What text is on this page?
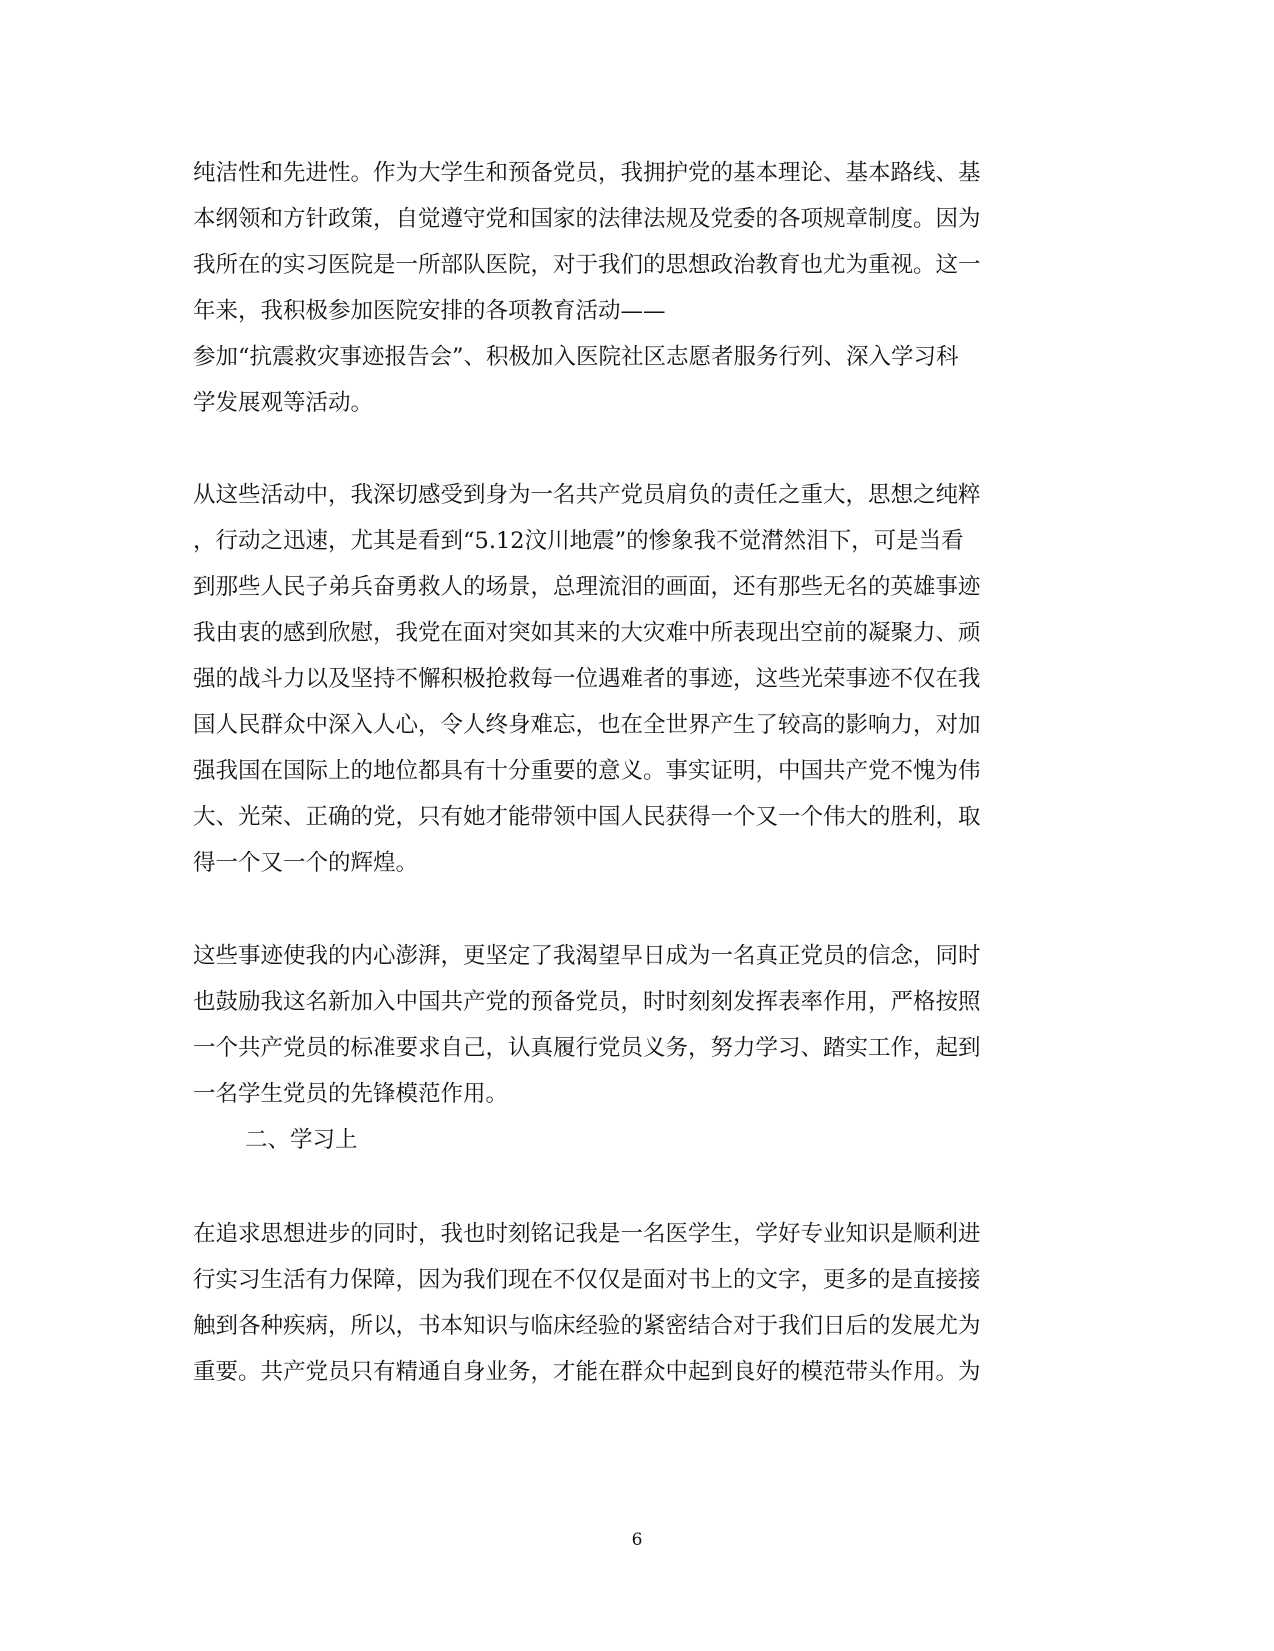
纯洁性和先进性。作为大学生和预备党员，我拥护党的基本理论、基本路线、基
本纲领和方针政策，自觉遵守党和国家的法律法规及党委的各项规章制度。因为
我所在的实习医院是一所部队医院，对于我们的思想政治教育也尤为重视。这一
年来，我积极参加医院安排的各项教育活动——
参加“抗震救灾事迹报告会”、积极加入医院社区志愿者服务行列、深入学习科
学发展观等活动。
从这些活动中，我深切感受到身为一名共产党员肩负的责任之重大，思想之纯粹
，行动之迅速，尤其是看到“5.12汶川地震”的惨象我不觉潸然泪下，可是当看
到那些人民子弟兵奋勇救人的场景，总理流泪的画面，还有那些无名的英雄事迹
我由衷的感到欣慰，我党在面对突如其来的大灾难中所表现出空前的凝聚力、顽
强的战斗力以及坚持不懈积极抢救每一位遇难者的事迹，这些光荣事迹不仅在我
国人民群众中深入人心，令人终身难忘，也在全世界产生了较高的影响力，对加
强我国在国际上的地位都具有十分重要的意义。事实证明，中国共产党不愧为伟
大、光荣、正确的党，只有她才能带领中国人民获得一个又一个伟大的胜利，取
得一个又一个的辉煌。
这些事迹使我的内心澎湃，更坚定了我渴望早日成为一名真正党员的信念，同时
也鼓励我这名新加入中国共产党的预备党员，时时刻刻发挥表率作用，严格按照
一个共产党员的标准要求自己，认真履行党员义务，努力学习、踏实工作，起到
一名学生党员的先锋模范作用。
二、学习上
在追求思想进步的同时，我也时刻铭记我是一名医学生，学好专业知识是顺利进
行实习生活有力保障，因为我们现在不仅仅是面对书上的文字，更多的是直接接
触到各种疾病，所以，书本知识与临床经验的紧密结合对于我们日后的发展尤为
重要。共产党员只有精通自身业务，才能在群众中起到良好的模范带头作用。为
6
